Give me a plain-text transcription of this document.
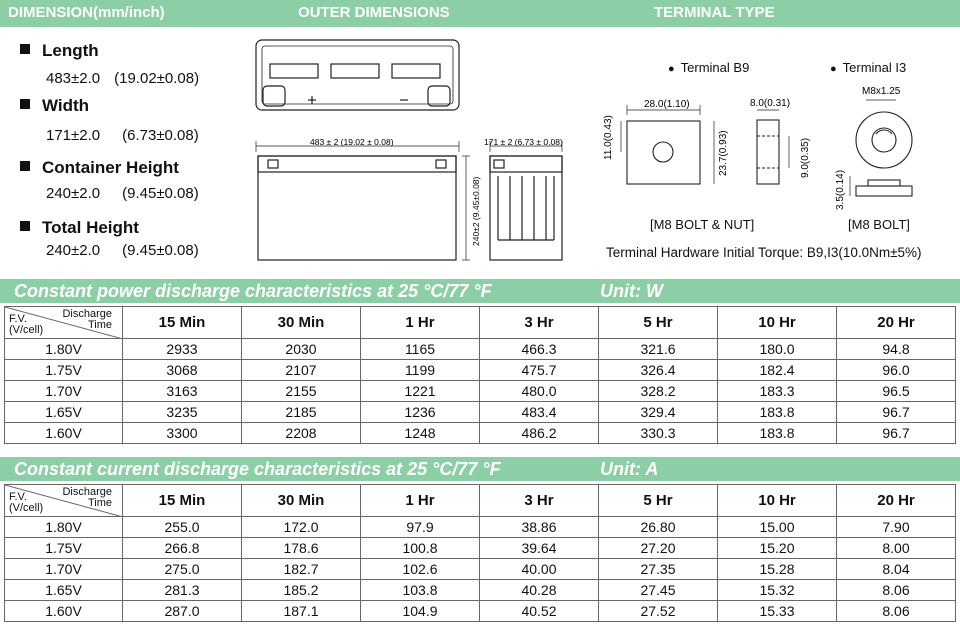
DIMENSION(mm/inch)	OUTER DIMENSIONS	TERMINAL TYPE
Length
483±2.0 (19.02±0.08)
Width
171±2.0 (6.73±0.08)
Container Height
240±2.0 (9.45±0.08)
Total Height
240±2.0 (9.45±0.08)
483 ± 2 (19.02 ± 0.08)	171 ± 2 (6.73 ± 0.08)
240±2 (9.45±0.08)
28.0(1.10)	8.0(0.31)
11.0(0.43)	23.7(0.93)	9.0(0.35)
M8x1.25
3.5(0.14)
● Terminal B9	● Terminal I3
[M8 BOLT & NUT]	[M8 BOLT]
Terminal Hardware Initial Torque: B9,I3(10.0Nm±5%)
Constant power discharge characteristics at 25 °C/77 °F	Unit: W
Discharge
Time
F.V.
(V/cell)	15 Min	30 Min	1 Hr	3 Hr	5 Hr	10 Hr	20 Hr
1.80V	2933	2030	1165	466.3	321.6	180.0	94.8
1.75V	3068	2107	1199	475.7	326.4	182.4	96.0
1.70V	3163	2155	1221	480.0	328.2	183.3	96.5
1.65V	3235	2185	1236	483.4	329.4	183.8	96.7
1.60V	3300	2208	1248	486.2	330.3	183.8	96.7
Constant current discharge characteristics at 25 °C/77 °F	Unit: A
Discharge
Time
F.V.
(V/cell)	15 Min	30 Min	1 Hr	3 Hr	5 Hr	10 Hr	20 Hr
1.80V	255.0	172.0	97.9	38.86	26.80	15.00	7.90
1.75V	266.8	178.6	100.8	39.64	27.20	15.20	8.00
1.70V	275.0	182.7	102.6	40.00	27.35	15.28	8.04
1.65V	281.3	185.2	103.8	40.28	27.45	15.32	8.06
1.60V	287.0	187.1	104.9	40.52	27.52	15.33	8.06
